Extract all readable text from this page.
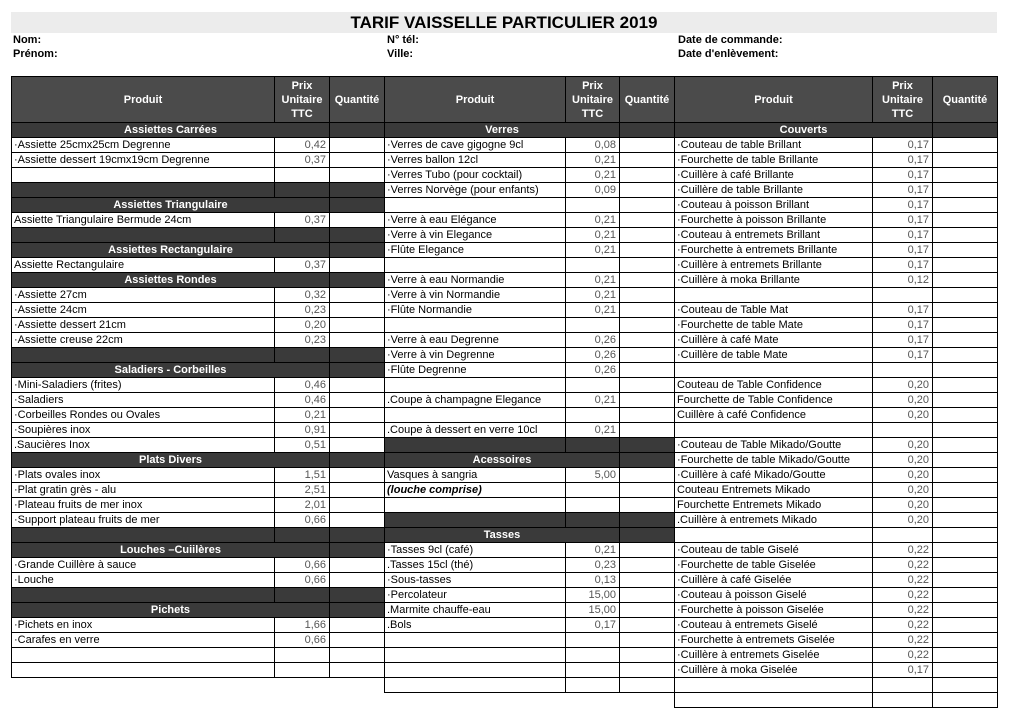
TARIF VAISSELLE PARTICULIER 2019
Nom:
Prénom:
N° tél:
Ville:
Date de commande:
Date d'enlèvement:
Produit	Prix Unitaire TTC	Quantité
Assiettes Carrées		
·Assiette 25cmx25cm Degrenne	0,42	
·Assiette dessert 19cmx19cm Degrenne	0,37	

Assiettes Triangulaire		
Assiette Triangulaire Bermude 24cm	0,37	

Assiettes Rectangulaire		
Assiette Rectangulaire	0,37	
Assiettes Rondes		
·Assiette 27cm	0,32	
·Assiette 24cm	0,23	
·Assiette dessert 21cm	0,20	
·Assiette creuse 22cm	0,23	

Saladiers - Corbeilles		
·Mini-Saladiers (frites)	0,46	
·Saladiers	0,46	
·Corbeilles Rondes ou Ovales	0,21	
·Soupières inox	0,91	
.Saucières Inox	0,51	
Plats Divers		
·Plats ovales inox	1,51	
·Plat gratin grès - alu	2,51	
·Plateau fruits de mer inox	2,01	
·Support plateau fruits de mer	0,66	

Louches –Cuiilères		
·Grande Cuillère à sauce	0,66	
·Louche	0,66	

Pichets		
·Pichets en inox	1,66	
·Carafes en verre	0,66	

Produit	Prix Unitaire TTC	Quantité
Verres		
·Verres de cave gigogne 9cl	0,08	
·Verres ballon 12cl	0,21	
·Verres Tubo (pour cocktail)	0,21	
·Verres Norvège (pour enfants)	0,09	

·Verre à eau Elégance	0,21	
·Verre à vin Elegance	0,21	
·Flûte Elegance	0,21	

·Verre à eau Normandie	0,21	
·Verre à vin Normandie	0,21	
·Flûte Normandie	0,21	

·Verre à eau Degrenne	0,26	
·Verre à vin Degrenne	0,26	
·Flûte Degrenne	0,26	

.Coupe à champagne Elegance	0,21	

.Coupe à dessert en verre 10cl	0,21	

Acessoires		
Vasques à sangria	5,00	
(louche comprise)		

Tasses		
·Tasses 9cl (café)	0,21	
.Tasses 15cl (thé)	0,23	
·Sous-tasses	0,13	
·Percolateur	15,00	
.Marmite chauffe-eau	15,00	
.Bols	0,17	

Produit	Prix Unitaire TTC	Quantité
Couverts		
·Couteau de table Brillant	0,17	
·Fourchette de table Brillante	0,17	
·Cuillère à café Brillante	0,17	
·Cuillère de table Brillante	0,17	
·Couteau à poisson Brillant	0,17	
·Fourchette à poisson Brillante	0,17	
·Couteau à entremets Brillant	0,17	
·Fourchette à entremets Brillante	0,17	
·Cuillère à entremets Brillante	0,17	
·Cuillère à moka Brillante	0,12	

·Couteau de Table Mat	0,17	
·Fourchette de table Mate	0,17	
·Cuillère à café Mate	0,17	
·Cuillère de table Mate	0,17	

Couteau de Table Confidence	0,20	
Fourchette de Table Confidence	0,20	
Cuillère à café Confidence	0,20	

·Couteau de Table Mikado/Goutte	0,20	
·Fourchette de table Mikado/Goutte	0,20	
·Cuillère à café Mikado/Goutte	0,20	
Couteau Entremets Mikado	0,20	
Fourchette Entremets Mikado	0,20	
.Cuillère à entremets Mikado	0,20	

·Couteau de table Giselé	0,22	
·Fourchette de table Giselée	0,22	
·Cuillère à café Giselée	0,22	
·Couteau à poisson Giselé	0,22	
·Fourchette à poisson Giselée	0,22	
·Couteau à entremets Giselé	0,22	
·Fourchette à entremets Giselée	0,22	
·Cuillère à entremets Giselée	0,22	
·Cuillère à moka Giselée	0,17	
